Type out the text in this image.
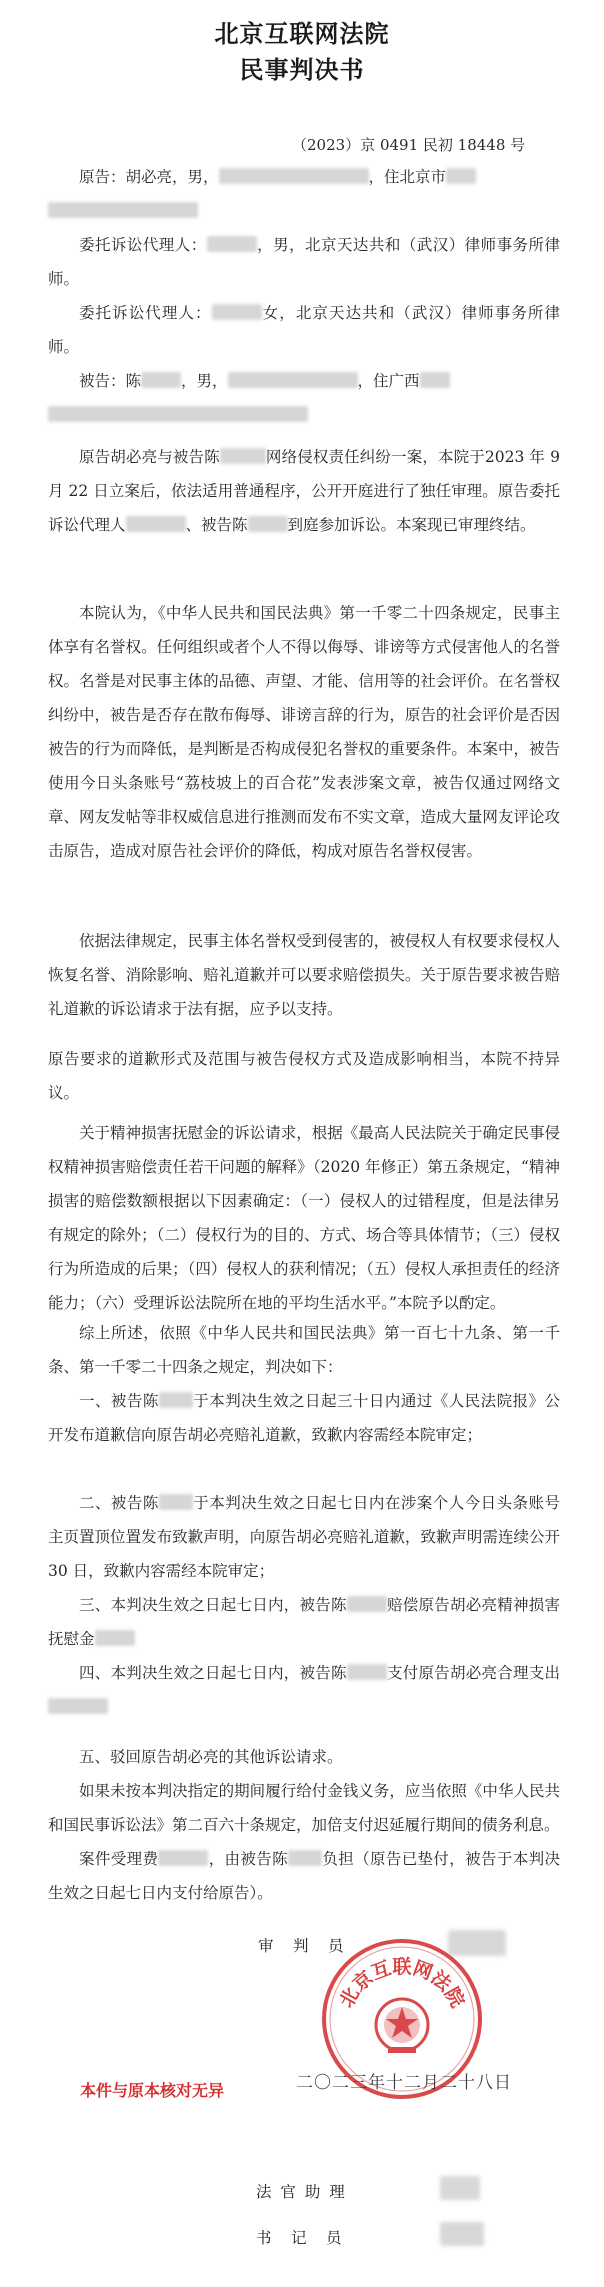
北京互联网法院
民事判决书
（2023）京 0491 民初 18448 号
原告：胡必亮，男，	，住北京市

委托诉讼代理人：	，男，北京天达共和（武汉）律师事务所律师。
委托诉讼代理人：	女，北京天达共和（武汉）律师事务所律师。
被告：陈	，男，	，住广西

原告胡必亮与被告陈	网络侵权责任纠纷一案，本院于2023 年 9 月 22 日立案后，依法适用普通程序，公开开庭进行了独任审理。原告委托诉讼代理人	、被告陈	到庭参加诉讼。本案现已审理终结。
本院认为，《中华人民共和国民法典》第一千零二十四条规定，民事主体享有名誉权。任何组织或者个人不得以侮辱、诽谤等方式侵害他人的名誉权。名誉是对民事主体的品德、声望、才能、信用等的社会评价。在名誉权纠纷中，被告是否存在散布侮辱、诽谤言辞的行为，原告的社会评价是否因被告的行为而降低，是判断是否构成侵犯名誉权的重要条件。本案中，被告使用今日头条账号“荔枝坡上的百合花”发表涉案文章，被告仅通过网络文章、网友发帖等非权威信息进行推测而发布不实文章，造成大量网友评论攻击原告，造成对原告社会评价的降低，构成对原告名誉权侵害。
依据法律规定，民事主体名誉权受到侵害的，被侵权人有权要求侵权人恢复名誉、消除影响、赔礼道歉并可以要求赔偿损失。关于原告要求被告赔礼道歉的诉讼请求于法有据，应予以支持。
原告要求的道歉形式及范围与被告侵权方式及造成影响相当，本院不持异议。
关于精神损害抚慰金的诉讼请求，根据《最高人民法院关于确定民事侵权精神损害赔偿责任若干问题的解释》（2020 年修正）第五条规定，“精神损害的赔偿数额根据以下因素确定：（一）侵权人的过错程度，但是法律另有规定的除外；（二）侵权行为的目的、方式、场合等具体情节；（三）侵权行为所造成的后果；（四）侵权人的获利情况；（五）侵权人承担责任的经济能力；（六）受理诉讼法院所在地的平均生活水平。”本院予以酌定。
综上所述，依照《中华人民共和国民法典》第一百七十九条、第一千条、第一千零二十四条之规定，判决如下：
一、被告陈 于本判决生效之日起三十日内通过《人民法院报》公开发布道歉信向原告胡必亮赔礼道歉，致歉内容需经本院审定；
二、被告陈 于本判决生效之日起七日内在涉案个人今日头条账号主页置顶位置发布致歉声明，向原告胡必亮赔礼道歉，致歉声明需连续公开 30 日，致歉内容需经本院审定；
三、本判决生效之日起七日内，被告陈	赔偿原告胡必亮精神损害抚慰金
四、本判决生效之日起七日内，被告陈	支付原告胡必亮合理支出
五、驳回原告胡必亮的其他诉讼请求。
如果未按本判决指定的期间履行给付金钱义务，应当依照《中华人民共和国民事诉讼法》第二百六十条规定，加倍支付迟延履行期间的债务利息。
案件受理费	，由被告陈 负担（原告已垫付，被告于本判决生效之日起七日内支付给原告）。
审　判　员
北京互联网法院
本件与原本核对无异	二〇二三年十二月二十八日
法 官 助 理
书　记　员
